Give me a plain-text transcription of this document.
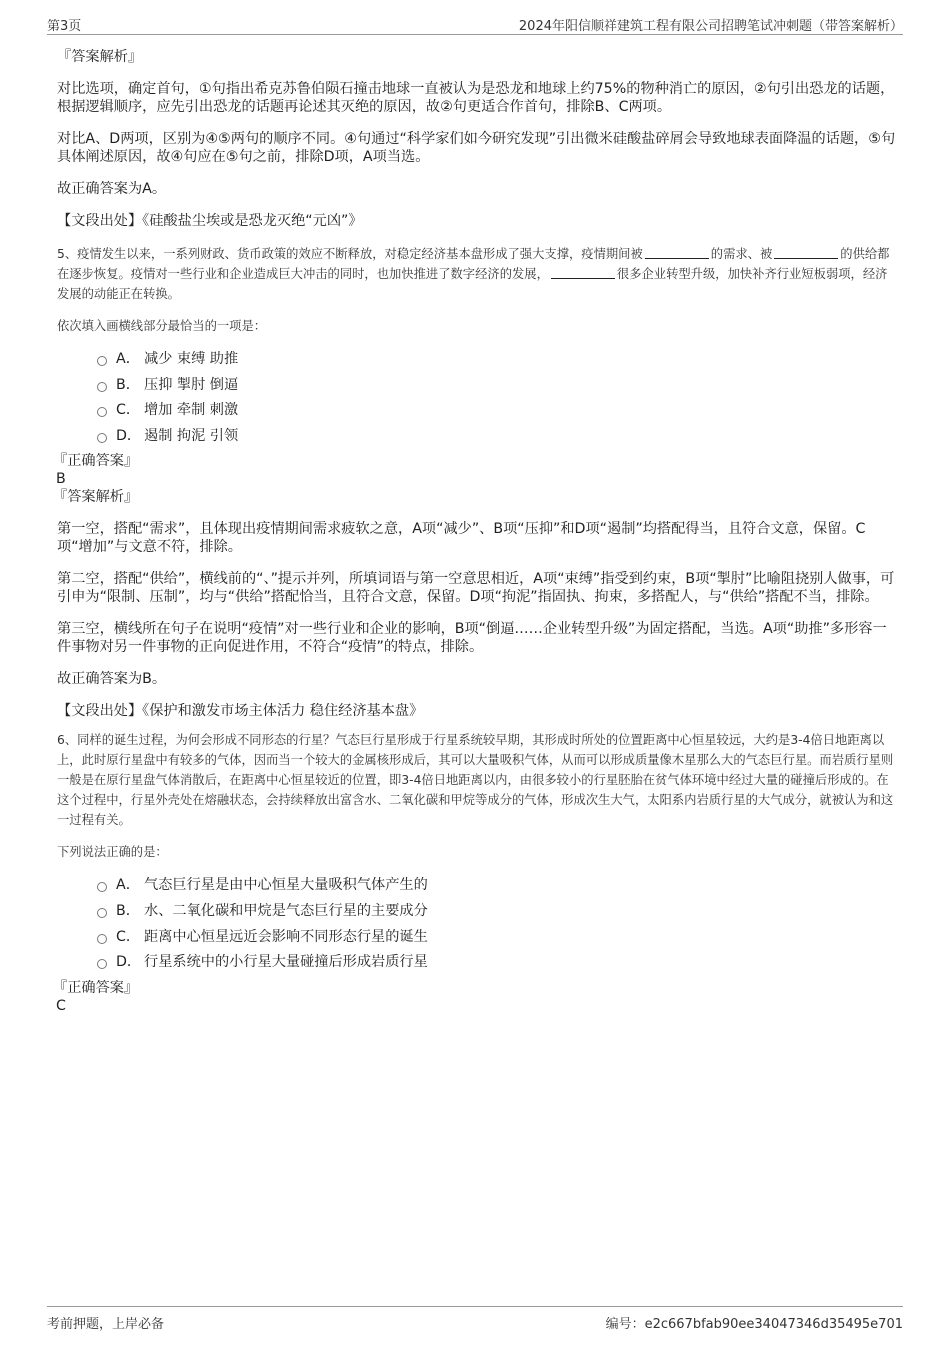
第3页	2024年阳信顺祥建筑工程有限公司招聘笔试冲刺题（带答案解析）
『答案解析』
对比选项，确定首句，①句指出希克苏鲁伯陨石撞击地球一直被认为是恐龙和地球上约75%的物种消亡的原因，②句引出恐龙的话题，根据逻辑顺序，应先引出恐龙的话题再论述其灭绝的原因，故②句更适合作首句，排除B、C两项。
对比A、D两项，区别为④⑤两句的顺序不同。④句通过“科学家们如今研究发现”引出微米硅酸盐碎屑会导致地球表面降温的话题，⑤句具体阐述原因，故④句应在⑤句之前，排除D项，A项当选。
故正确答案为A。
【文段出处】《硅酸盐尘埃或是恐龙灭绝“元凶”》
5、疫情发生以来，一系列财政、货币政策的效应不断释放，对稳定经济基本盘形成了强大支撑，疫情期间被	的需求、被	的供给都在逐步恢复。疫情对一些行业和企业造成巨大冲击的同时，也加快推进了数字经济的发展，	很多企业转型升级，加快补齐行业短板弱项，经济发展的动能正在转换。
依次填入画横线部分最恰当的一项是：
A． 减少 束缚 助推
B． 压抑 掣肘 倒逼
C． 增加 牵制 刺激
D． 遏制 拘泥 引领
『正确答案』
B
『答案解析』
第一空，搭配“需求”，且体现出疫情期间需求疲软之意，A项“减少”、B项“压抑”和D项“遏制”均搭配得当，且符合文意，保留。C项“增加”与文意不符，排除。
第二空，搭配“供给”，横线前的“、”提示并列，所填词语与第一空意思相近，A项“束缚”指受到约束，B项“掣肘”比喻阻挠别人做事，可引申为“限制、压制”，均与“供给”搭配恰当，且符合文意，保留。D项“拘泥”指固执、拘束，多搭配人，与“供给”搭配不当，排除。
第三空，横线所在句子在说明“疫情”对一些行业和企业的影响，B项“倒逼……企业转型升级”为固定搭配，当选。A项“助推”多形容一件事物对另一件事物的正向促进作用，不符合“疫情”的特点，排除。
故正确答案为B。
【文段出处】《保护和激发市场主体活力 稳住经济基本盘》
6、同样的诞生过程，为何会形成不同形态的行星？气态巨行星形成于行星系统较早期，其形成时所处的位置距离中心恒星较远，大约是3-4倍日地距离以上，此时原行星盘中有较多的气体，因而当一个较大的金属核形成后，其可以大量吸积气体，从而可以形成质量像木星那么大的气态巨行星。而岩质行星则一般是在原行星盘气体消散后，在距离中心恒星较近的位置，即3-4倍日地距离以内，由很多较小的行星胚胎在贫气体环境中经过大量的碰撞后形成的。在这个过程中，行星外壳处在熔融状态，会持续释放出富含水、二氧化碳和甲烷等成分的气体，形成次生大气，太阳系内岩质行星的大气成分，就被认为和这一过程有关。
下列说法正确的是：
A． 气态巨行星是由中心恒星大量吸积气体产生的
B． 水、二氧化碳和甲烷是气态巨行星的主要成分
C． 距离中心恒星远近会影响不同形态行星的诞生
D． 行星系统中的小行星大量碰撞后形成岩质行星
『正确答案』
C
考前押题，上岸必备	编号：e2c667bfab90ee34047346d35495e701
